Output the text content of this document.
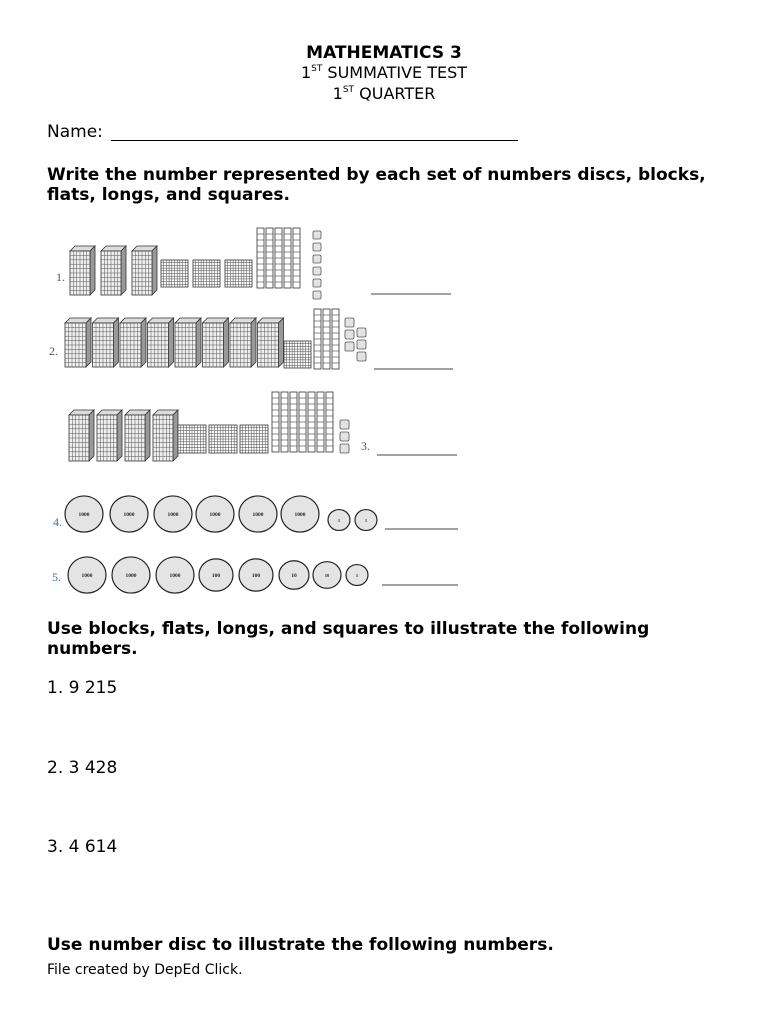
MATHEMATICS 3
1ST SUMMATIVE TEST
1ST QUARTER
Name:
Write the number represented by each set of numbers discs, blocks, flats, longs, and squares.
1.
2.
3.
4.	1000	1000	1000	1000	1000	1000
1	1
5.	1000	1000	1000	100	100	10	10	1
Use blocks, flats, longs, and squares to illustrate the following numbers.
1. 9 215
2. 3 428
3. 4 614
Use number disc to illustrate the following numbers.
File created by DepEd Click.
